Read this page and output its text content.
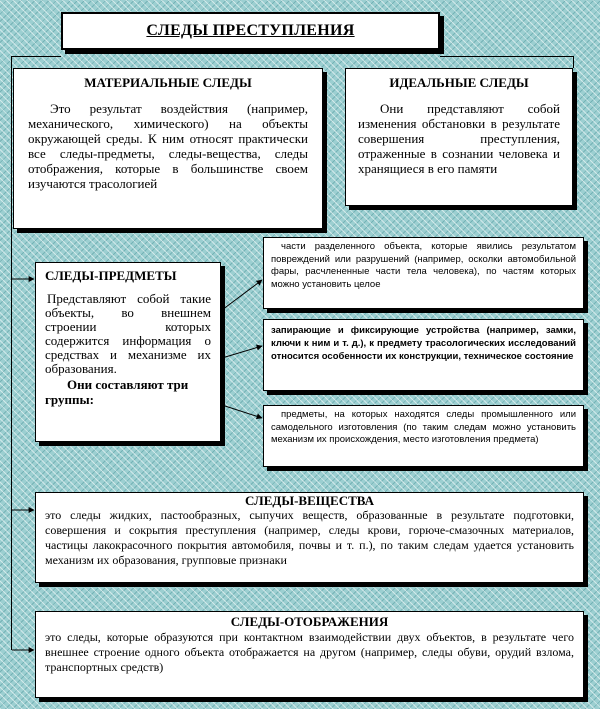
СЛЕДЫ ПРЕСТУПЛЕНИЯ
МАТЕРИАЛЬНЫЕ СЛЕДЫ
Это результат воздействия (например, механического, химического) на объекты окружающей среды. К ним относят практически все следы-предметы, следы-вещества, следы отображения, которые в большинстве своем изучаются трасологией
ИДЕАЛЬНЫЕ СЛЕДЫ
Они представляют собой изменения обстановки в результате совершения преступления, отраженные в сознании человека и хранящиеся в его памяти
СЛЕДЫ-ПРЕДМЕТЫ
Представляют собой такие объекты, во внешнем строении которых содержится информация о средствах и механизме их образования.
Они составляют три группы:
части разделенного объекта, которые явились результатом повреждений или разрушений (например, осколки автомобильной фары, расчлененные части тела человека), по частям которых можно установить целое
запирающие и фиксирующие устройства (например, замки, ключи к ним и т. д.), к предмету трасологических исследований относится особенности их конструкции, техническое состояние
предметы, на которых находятся следы промышленного или самодельного изготовления (по таким следам можно установить механизм их происхождения, место изготовления предмета)
СЛЕДЫ-ВЕЩЕСТВА
это следы жидких, пастообразных, сыпучих веществ, образованные в результате подготовки, совершения и сокрытия преступления (например, следы крови, горюче-смазочных материалов, частицы лакокрасочного покрытия автомобиля, почвы и т. п.), по таким следам удается установить механизм их образования, групповые признаки
СЛЕДЫ-ОТОБРАЖЕНИЯ
это следы, которые образуются при контактном взаимодействии двух объектов, в результате чего внешнее строение одного объекта отображается на другом (например, следы обуви, орудий взлома, транспортных средств)
